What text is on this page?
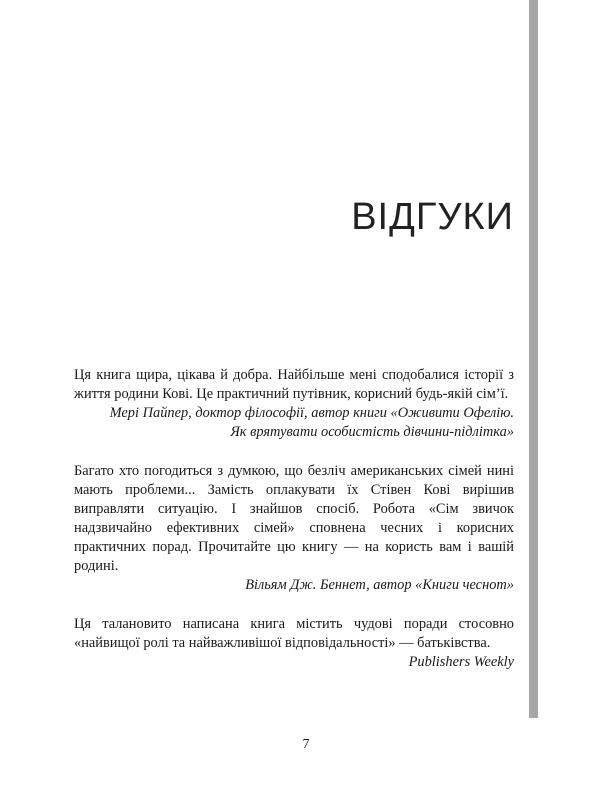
ВІДГУКИ

Ця книга щира, цікава й добра. Найбільше мені сподобалися історії з життя родини Кові. Це практичний путівник, корисний будь-якій сім’ї.

Мері Пайпер, доктор філософії, автор книги «Оживити Офелію.

Як врятувати особистість дівчини-підлітка»

Багато хто погодиться з думкою, що безліч американських сімей нині мають проблеми... Замість оплакувати їх Стівен Кові вирішив виправляти ситуацію. І знайшов спосіб. Робота «Сім звичок надзвичайно ефективних сімей» сповнена чесних і корисних практичних порад. Прочитайте цю книгу — на користь вам і вашій родині.

Вільям Дж. Беннет, автор «Книги чеснот»

Ця талановито написана книга містить чудові поради стосовно «найвищої ролі та найважливішої відповідальності» — батьківства.

Publishers Weekly

7
